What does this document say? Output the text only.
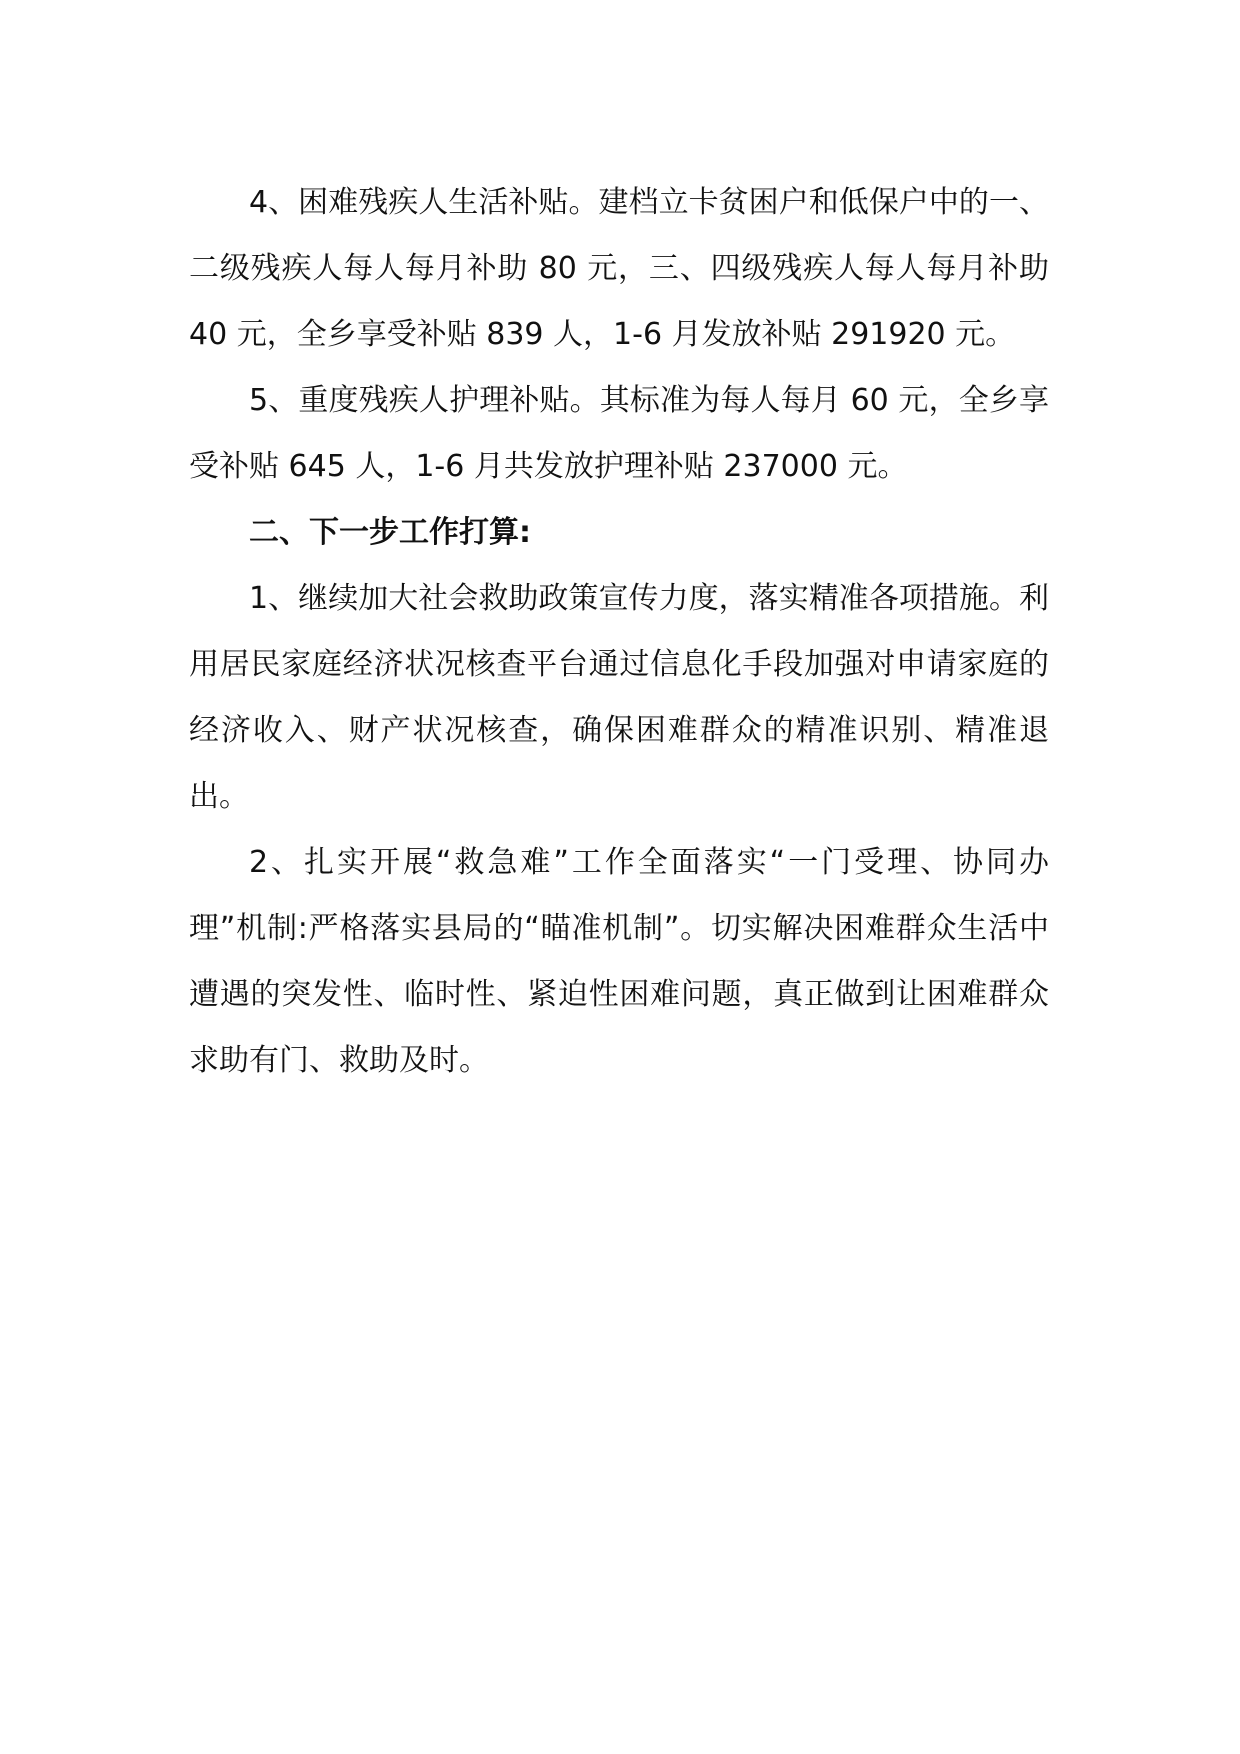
4、困难残疾人生活补贴。建档立卡贫困户和低保户中的一、二级残疾人每人每月补助 80 元，三、四级残疾人每人每月补助 40 元，全乡享受补贴 839 人，1-6 月发放补贴 291920 元。

5、重度残疾人护理补贴。其标准为每人每月 60 元，全乡享受补贴 645 人，1-6 月共发放护理补贴 237000 元。

二、下一步工作打算:

1、继续加大社会救助政策宣传力度，落实精准各项措施。利用居民家庭经济状况核查平台通过信息化手段加强对申请家庭的经济收入、财产状况核查，确保困难群众的精准识别、精准退出。

2、扎实开展“救急难”工作全面落实“一门受理、协同办理”机制:严格落实县局的“瞄准机制”。切实解决困难群众生活中遭遇的突发性、临时性、紧迫性困难问题，真正做到让困难群众求助有门、救助及时。
